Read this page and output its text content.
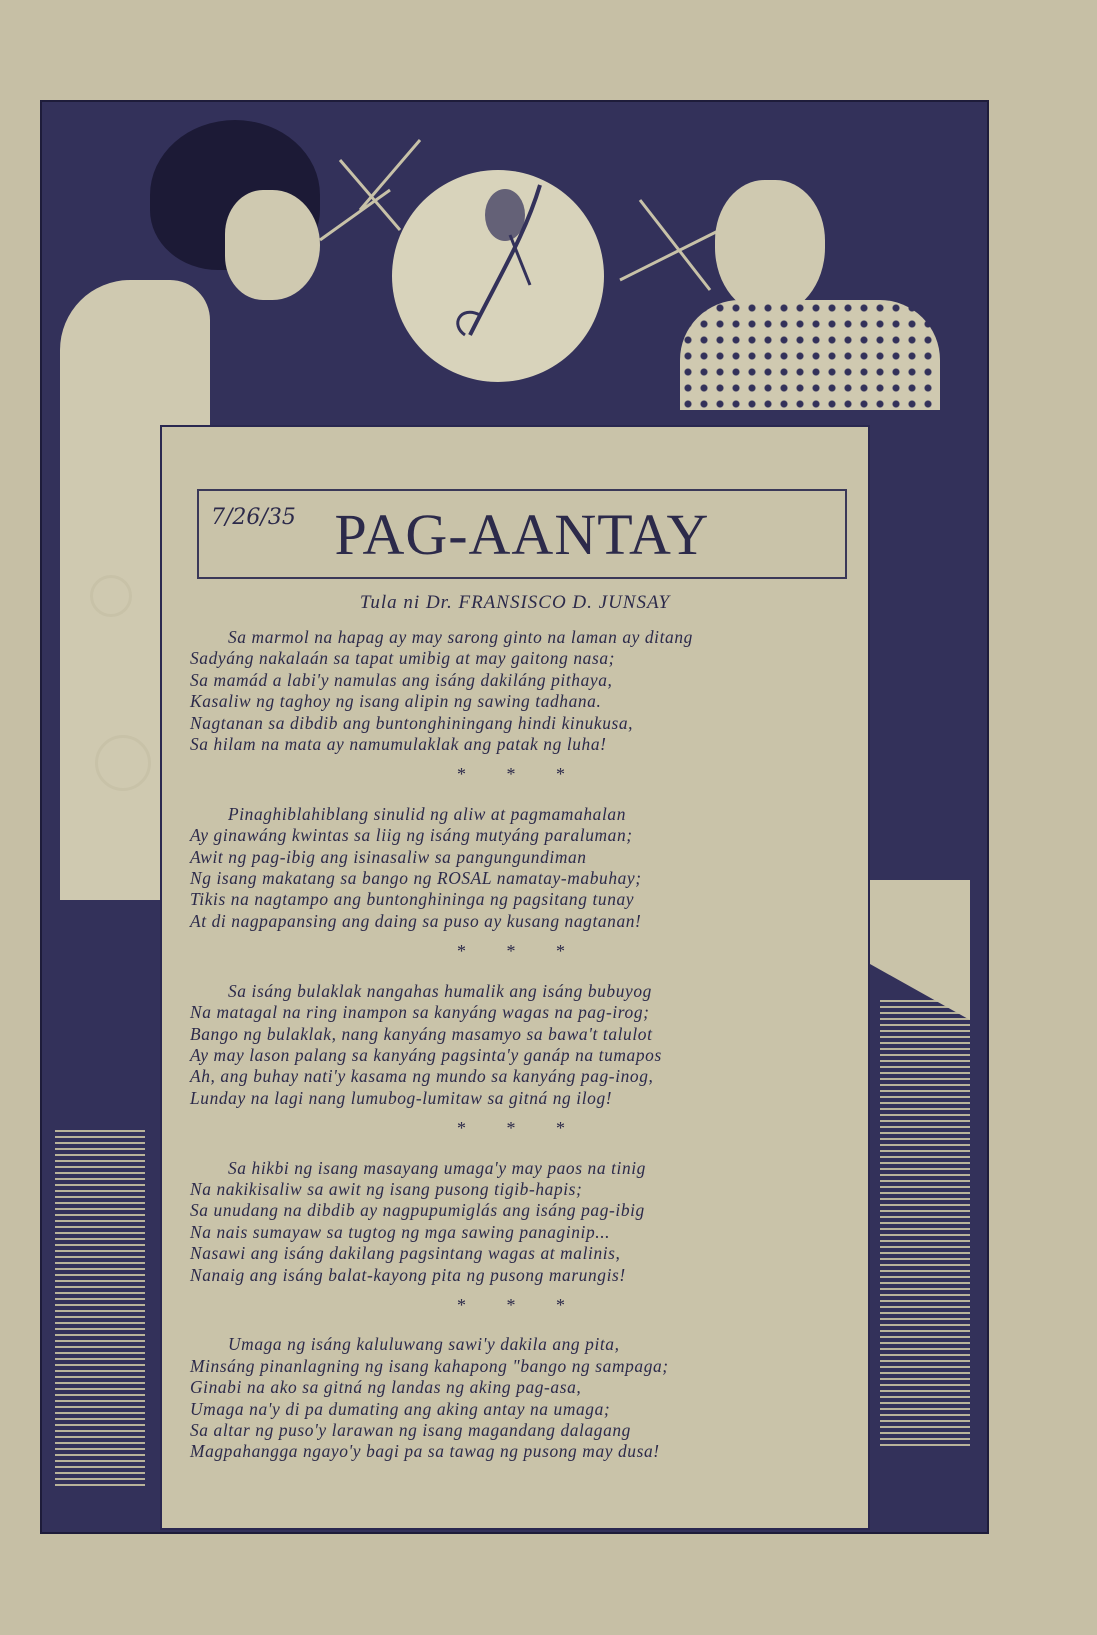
7/26/35 PAG-AANTAY
Tula ni Dr. FRANSISCO D. JUNSAY
Sa marmol na hapag ay may sarong ginto na laman ay ditang
Sadyáng nakalaán sa tapat umibig at may gaitong nasa;
Sa mamád a labi'y namulas ang isáng dakiláng pithaya,
Kasaliw ng taghoy ng isang alipin ng sawing tadhana.
Nagtanan sa dibdib ang buntonghiningang hindi kinukusa,
Sa hilam na mata ay namumulaklak ang patak ng luha!
* * *
Pinaghiblahiblang sinulid ng aliw at pagmamahalan
Ay ginawáng kwintas sa liig ng isáng mutyáng paraluman;
Awit ng pag-ibig ang isinasaliw sa pangungundiman
Ng isang makatang sa bango ng ROSAL namatay-mabuhay;
Tikis na nagtampo ang buntonghininga ng pagsitang tunay
At di nagpapansing ang daing sa puso ay kusang nagtanan!
* * *
Sa isáng bulaklak nangahas humalik ang isáng bubuyog
Na matagal na ring inampon sa kanyáng wagas na pag-irog;
Bango ng bulaklak, nang kanyáng masamyo sa bawa't talulot
Ay may lason palang sa kanyáng pagsinta'y ganáp na tumapos
Ah, ang buhay nati'y kasama ng mundo sa kanyáng pag-inog,
Lunday na lagi nang lumubog-lumitaw sa gitná ng ilog!
* * *
Sa hikbi ng isang masayang umaga'y may paos na tinig
Na nakikisaliw sa awit ng isang pusong tigib-hapis;
Sa unudang na dibdib ay nagpupumiglás ang isáng pag-ibig
Na nais sumayaw sa tugtog ng mga sawing panaginip...
Nasawi ang isáng dakilang pagsintang wagas at malinis,
Nanaig ang isáng balat-kayong pita ng pusong marungis!
* * *
Umaga ng isáng kaluluwang sawi'y dakila ang pita,
Minsáng pinanlagning ng isang kahapong "bango ng sampaga;
Ginabi na ako sa gitná ng landas ng aking pag-asa,
Umaga na'y di pa dumating ang aking antay na umaga;
Sa altar ng puso'y larawan ng isang magandang dalagang
Magpahangga ngayo'y bagi pa sa tawag ng pusong may dusa!
